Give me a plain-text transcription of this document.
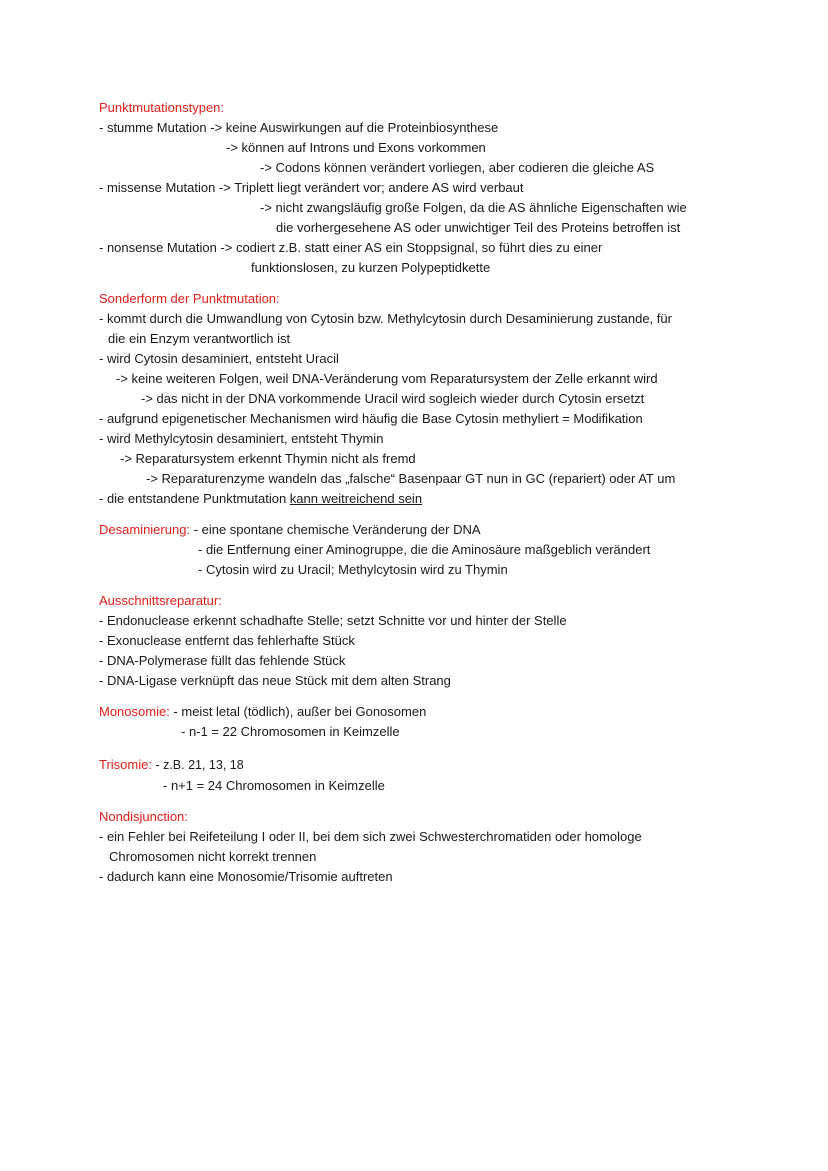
Punktmutationstypen:
- stumme Mutation -> keine Auswirkungen auf die Proteinbiosynthese
-> können auf Introns und Exons vorkommen
-> Codons können verändert vorliegen, aber codieren die gleiche AS
- missense Mutation -> Triplett liegt verändert vor; andere AS wird verbaut
-> nicht zwangsläufig große Folgen, da die AS ähnliche Eigenschaften wie
die vorhergesehene AS oder unwichtiger Teil des Proteins betroffen ist
- nonsense Mutation -> codiert z.B. statt einer AS ein Stoppsignal, so führt dies zu einer
funktionslosen, zu kurzen Polypeptidkette
Sonderform der Punktmutation:
- kommt durch die Umwandlung von Cytosin bzw. Methylcytosin durch Desaminierung zustande, für
die ein Enzym verantwortlich ist
- wird Cytosin desaminiert, entsteht Uracil
-> keine weiteren Folgen, weil DNA-Veränderung vom Reparatursystem der Zelle erkannt wird
-> das nicht in der DNA vorkommende Uracil wird sogleich wieder durch Cytosin ersetzt
- aufgrund epigenetischer Mechanismen wird häufig die Base Cytosin methyliert = Modifikation
- wird Methylcytosin desaminiert, entsteht Thymin
-> Reparatursystem erkennt Thymin nicht als fremd
-> Reparaturenzyme wandeln das „falsche“ Basenpaar GT nun in GC (repariert) oder AT um
- die entstandene Punktmutation kann weitreichend sein
Desaminierung: - eine spontane chemische Veränderung der DNA
- die Entfernung einer Aminogruppe, die die Aminosäure maßgeblich verändert
- Cytosin wird zu Uracil; Methylcytosin wird zu Thymin
Ausschnittsreparatur:
- Endonuclease erkennt schadhafte Stelle; setzt Schnitte vor und hinter der Stelle
- Exonuclease entfernt das fehlerhafte Stück
- DNA-Polymerase füllt das fehlende Stück
- DNA-Ligase verknüpft das neue Stück mit dem alten Strang
Monosomie: - meist letal (tödlich), außer bei Gonosomen
- n-1 = 22 Chromosomen in Keimzelle
Trisomie: - z.B. 21, 13, 18
- n+1 = 24 Chromosomen in Keimzelle
Nondisjunction:
- ein Fehler bei Reifeteilung I oder II, bei dem sich zwei Schwesterchromatiden oder homologe
Chromosomen nicht korrekt trennen
- dadurch kann eine Monosomie/Trisomie auftreten
